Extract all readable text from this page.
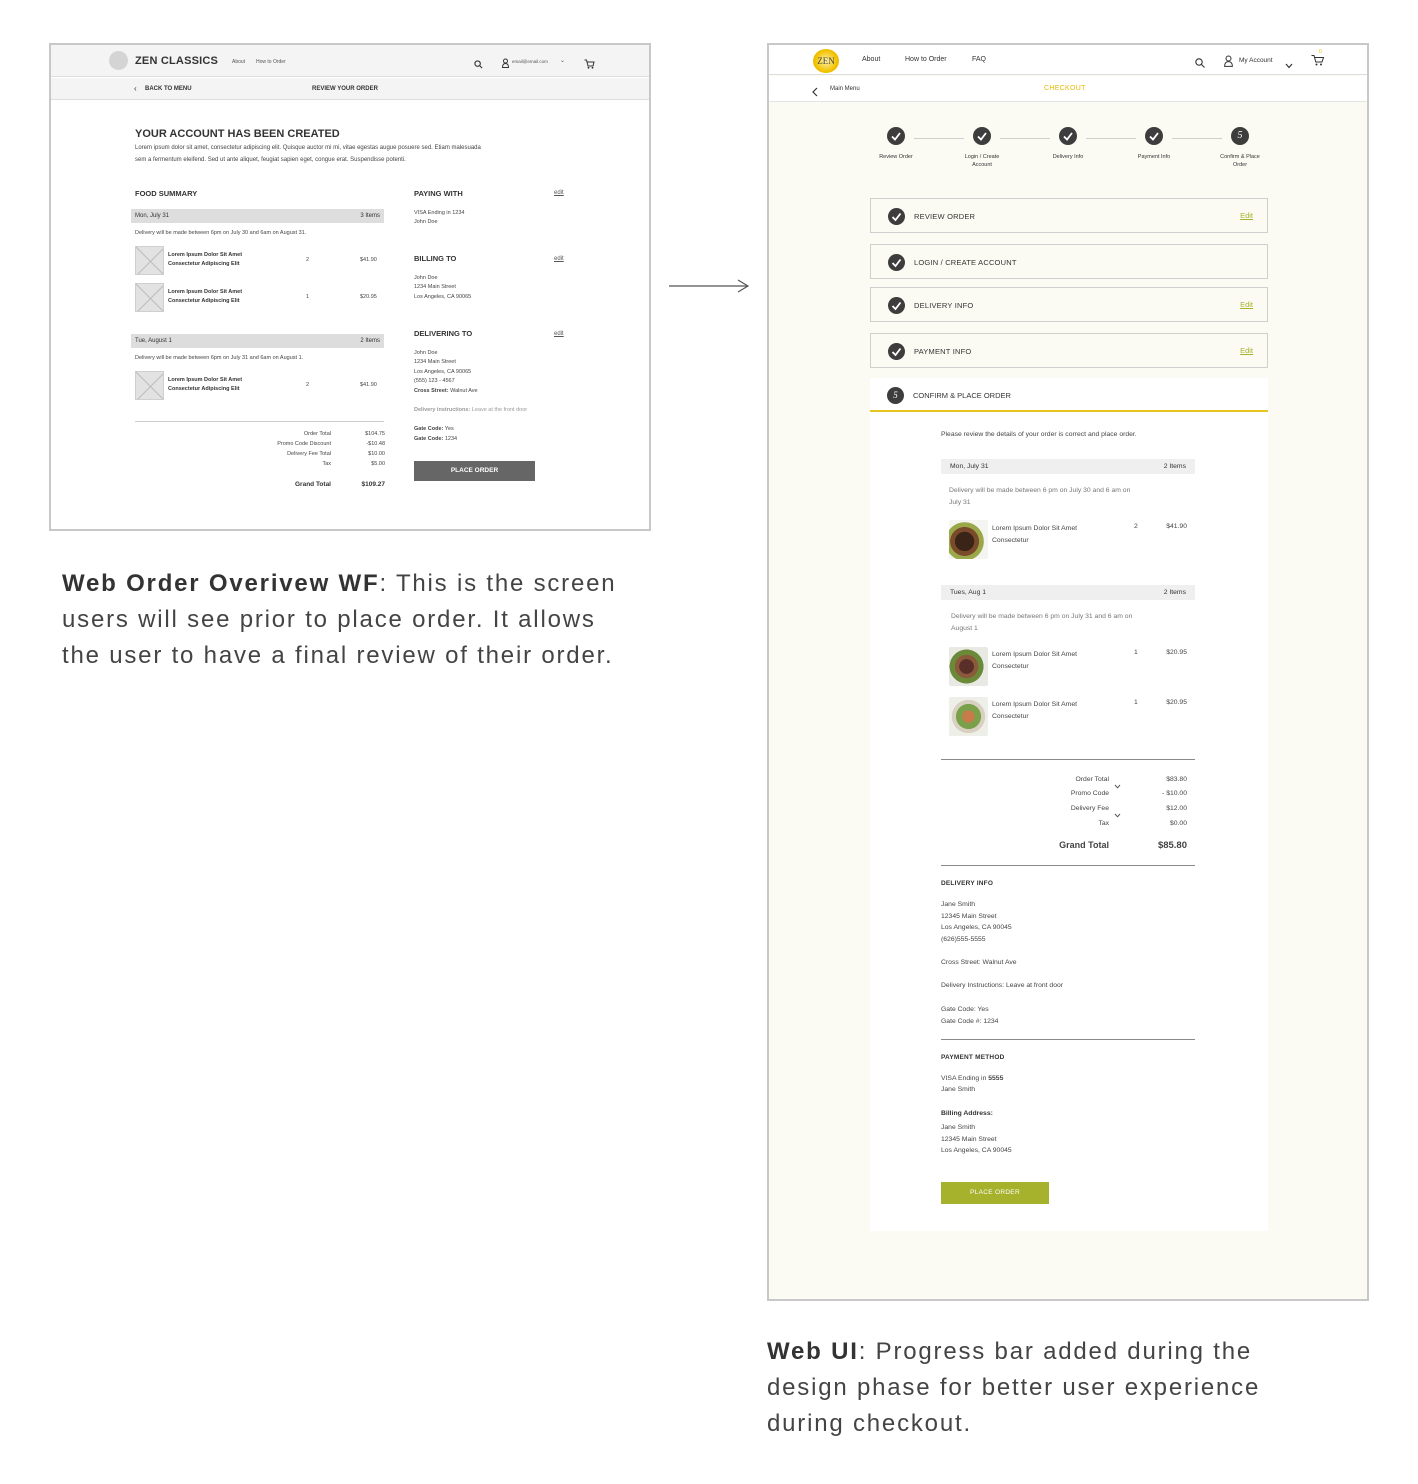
ZEN CLASSICS	About How to Order	email@email.com ⌄
‹ BACK TO MENU	REVIEW YOUR ORDER
YOUR ACCOUNT HAS BEEN CREATED
Lorem ipsum dolor sit amet, consectetur adipiscing elit. Quisque auctor mi mi, vitae egestas augue posuere sed. Etiam malesuada
sem a fermentum eleifend. Sed ut ante aliquet, feugiat sapien eget, congue erat. Suspendisse potenti.
FOOD SUMMARY
Mon, July 31	3 Items
Delivery will be made between 6pm on July 30 and 6am on August 31.
Lorem Ipsum Dolor Sit Amet
Consectetur Adipiscing Elit
2	$41.90
Lorem Ipsum Dolor Sit Amet
Consectetur Adipiscing Elit
1	$20.95
Tue, August 1	2 Items
Delivery will be made between 6pm on July 31 and 6am on August 1.
Lorem Ipsum Dolor Sit Amet
Consectetur Adipiscing Elit
2	$41.90
Order Total	$104.75
Promo Code Discount	-$10.48
Delivery Fee Total	$10.00
Tax	$5.00
Grand Total	$109.27
PAYING WITH	edit
VISA Ending in 1234
John Doe
BILLING TO	edit
John Doe
1234 Main Street
Los Angeles, CA 90065
DELIVERING TO	edit
John Doe
1234 Main Street
Los Angeles, CA 90065
(555) 123 - 4567
Cross Street: Walnut Ave
Delivery instructions: Leave at the front door
Gate Code: Yes
Gate Code: 1234
PLACE ORDER
Web Order Overivew WF: This is the screen users will see prior to place order. It allows the user to have a final review of their order.
Web UI: Progress bar added during the design phase for better user experience during checkout.
ZEN	About	How to Order	FAQ	My Account
0
Main Menu	CHECKOUT
5
Review Order	Login / Create
Account
Delivery Info	Payment Info	Confirm & Place
Order
REVIEW ORDER	Edit
LOGIN / CREATE ACCOUNT
DELIVERY INFO	Edit
PAYMENT INFO	Edit
5	CONFIRM & PLACE ORDER
Please review the details of your order is correct and place order.
Mon, July 31	2 Items
Delivery will be made between 6 pm on July 30 and 6 am on
July 31
Lorem Ipsum Dolor Sit Amet
Consectetur
2	$41.90
Tues, Aug 1	2 Items
Delivery will be made between 6 pm on July 31 and 6 am on
August 1
Lorem Ipsum Dolor Sit Amet
Consectetur
1	$20.95
Lorem Ipsum Dolor Sit Amet
Consectetur
1	$20.95
Order Total	$83.80
Promo Code	- $10.00
Delivery Fee	$12.00
Tax	$0.00
Grand Total	$85.80
DELIVERY INFO
Jane Smith
12345 Main Street
Los Angeles, CA 90045
(626)555-5555
Cross Street: Walnut Ave
Delivery Instructions: Leave at front door
Gate Code: Yes
Gate Code #: 1234
PAYMENT METHOD
VISA Ending in 5555
Jane Smith
Billing Address:
Jane Smith
12345 Main Street
Los Angeles, CA 90045
PLACE ORDER
